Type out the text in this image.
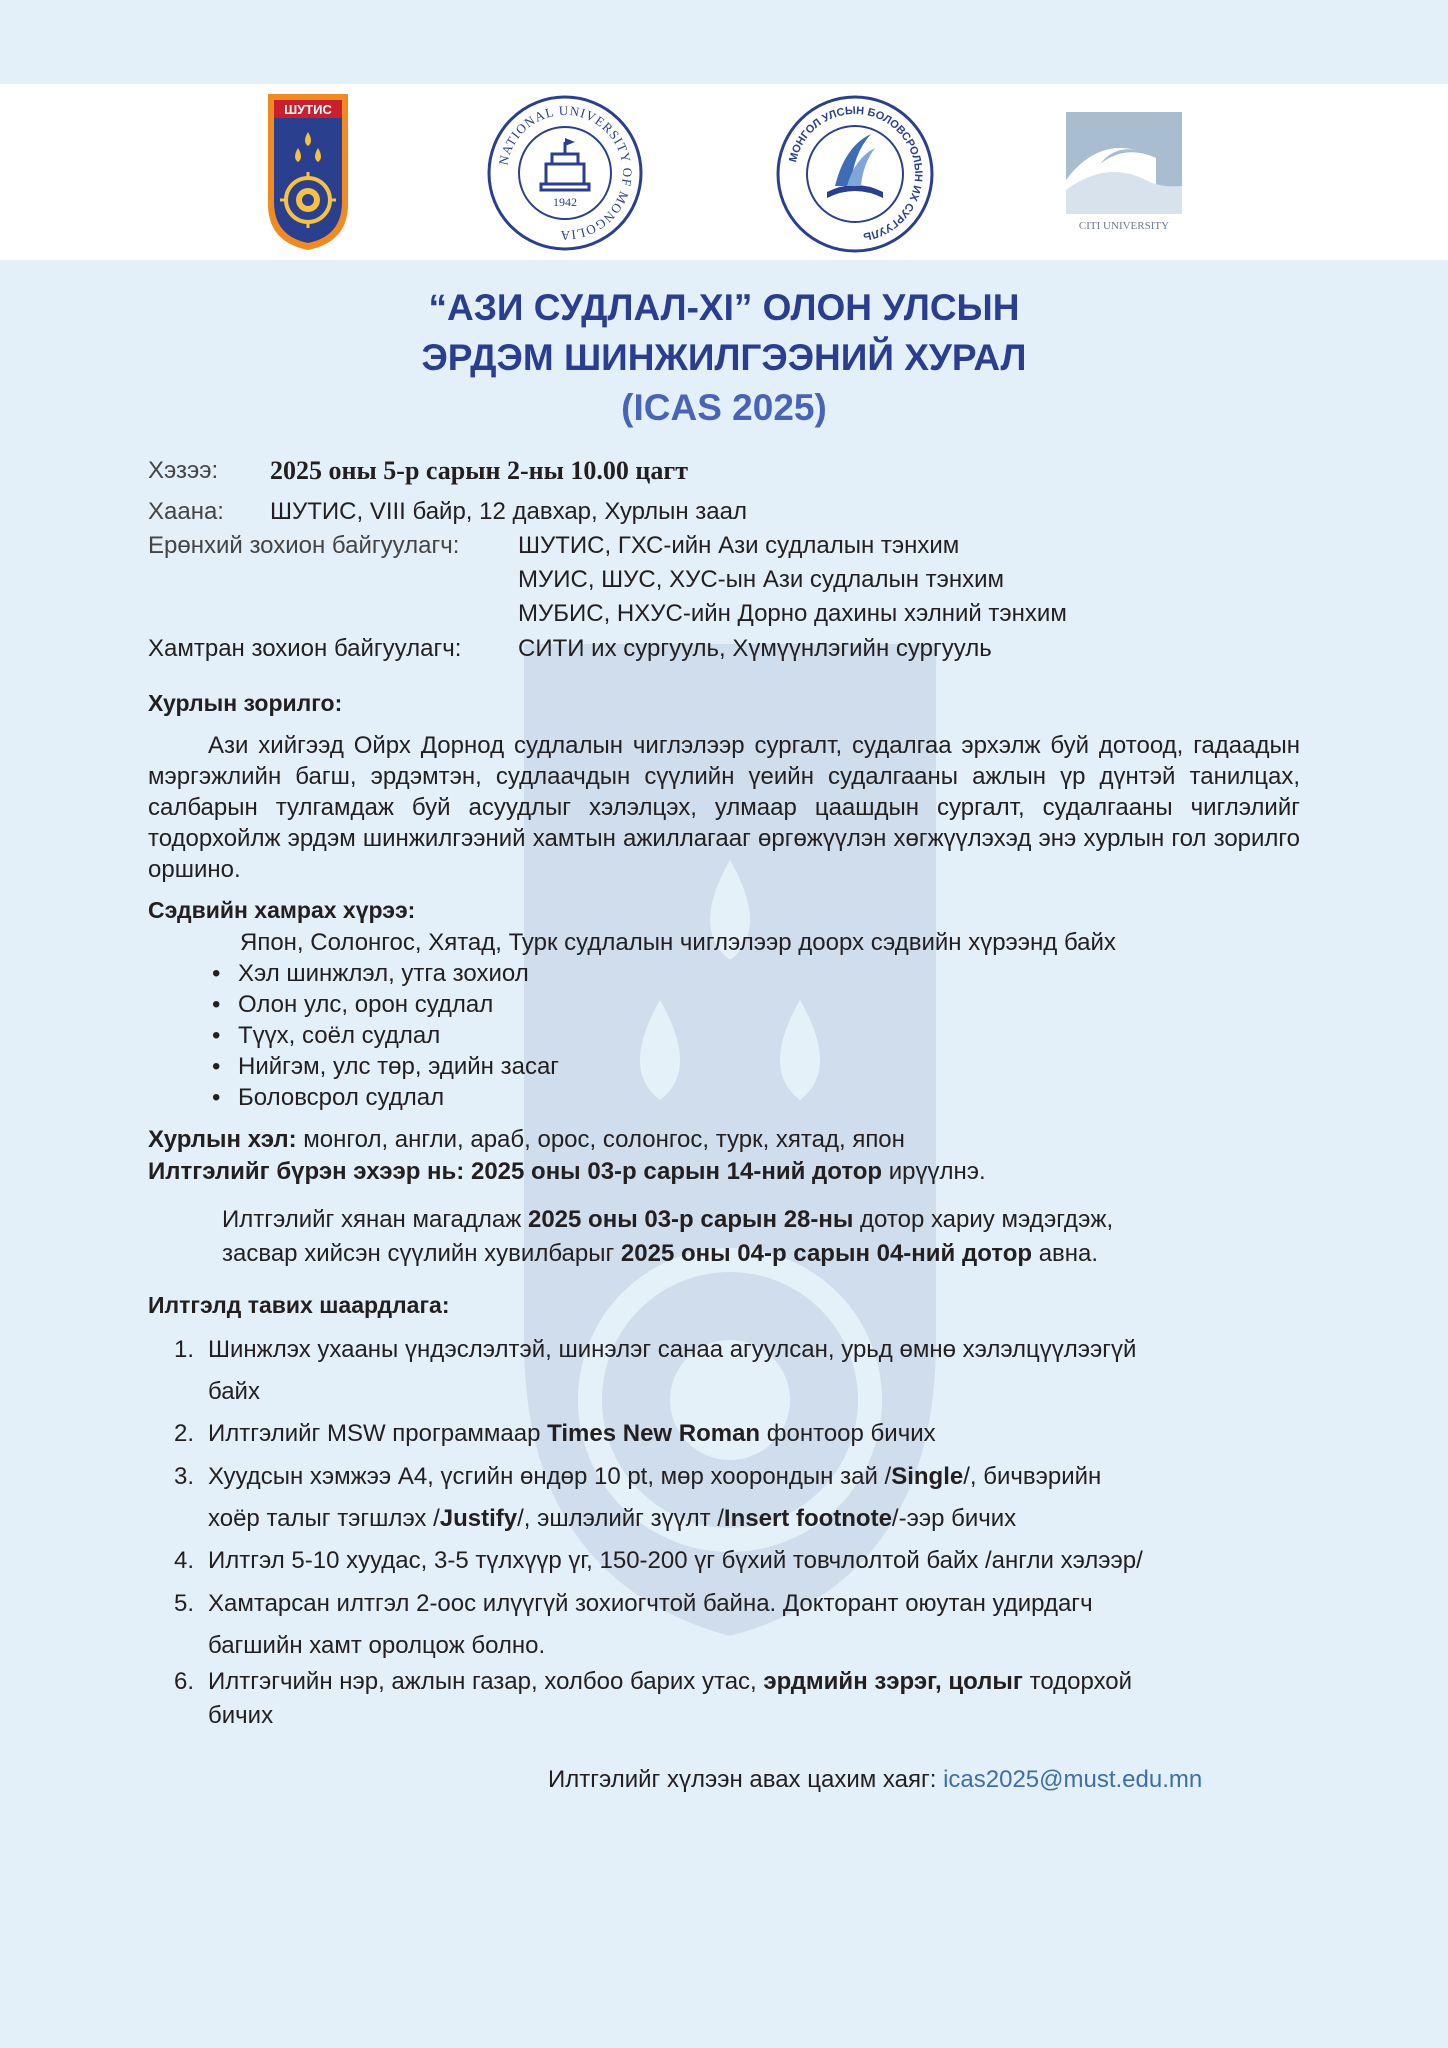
ШУТИС
NATIONAL UNIVERSITY OF MONGOLIA
1942
МОНГОЛ УЛСЫН БОЛОВСРОЛЫН ИХ СУРГУУЛЬ
CITI UNIVERSITY
“АЗИ СУДЛАЛ-XI” ОЛОН УЛСЫН
ЭРДЭМ ШИНЖИЛГЭЭНИЙ ХУРАЛ
(ICAS 2025)
Хэзээ: 2025 оны 5-р сарын 2-ны 10.00 цагт
Хаана: ШУТИС, VIII байр, 12 давхар, Хурлын заал
Ерөнхий зохион байгуулагч: ШУТИС, ГХС-ийн Ази судлалын тэнхим
МУИС, ШУС, ХУС-ын Ази судлалын тэнхим
МУБИС, НХУС-ийн Дорно дахины хэлний тэнхим
Хамтран зохион байгуулагч: СИТИ их сургууль, Хүмүүнлэгийн сургууль
Хурлын зорилго:
Ази хийгээд Ойрх Дорнод судлалын чиглэлээр сургалт, судалгаа эрхэлж буй дотоод, гадаадын мэргэжлийн багш, эрдэмтэн, судлаачдын сүүлийн үеийн судалгааны ажлын үр дүнтэй танилцах, салбарын тулгамдаж буй асуудлыг хэлэлцэх, улмаар цаашдын сургалт, судалгааны чиглэлийг тодорхойлж эрдэм шинжилгээний хамтын ажиллагааг өргөжүүлэн хөгжүүлэхэд энэ хурлын гол зорилго оршино.
Сэдвийн хамрах хүрээ:
Япон, Солонгос, Хятад, Турк судлалын чиглэлээр доорх сэдвийн хүрээнд байх
• Хэл шинжлэл, утга зохиол
• Олон улс, орон судлал
• Түүх, соёл судлал
• Нийгэм, улс төр, эдийн засаг
• Боловсрол судлал
Хурлын хэл: монгол, англи, араб, орос, солонгос, турк, хятад, япон
Илтгэлийг бүрэн эхээр нь: 2025 оны 03-р сарын 14-ний дотор ирүүлнэ.
Илтгэлийг хянан магадлаж 2025 оны 03-р сарын 28-ны дотор хариу мэдэгдэж,
засвар хийсэн сүүлийн хувилбарыг 2025 оны 04-р сарын 04-ний дотор авна.
Илтгэлд тавих шаардлага:
1. Шинжлэх ухааны үндэслэлтэй, шинэлэг санаа агуулсан, урьд өмнө хэлэлцүүлээгүй
байх
2. Илтгэлийг MSW программаар Times New Roman фонтоор бичих
3. Хуудсын хэмжээ А4, үсгийн өндөр 10 pt, мөр хоорондын зай /Single/, бичвэрийн
хоёр талыг тэгшлэх /Justify/, эшлэлийг зүүлт /Insert footnote/-ээр бичих
4. Илтгэл 5-10 хуудас, 3-5 түлхүүр үг, 150-200 үг бүхий товчлолтой байх /англи хэлээр/
5. Хамтарсан илтгэл 2-оос илүүгүй зохиогчтой байна. Докторант оюутан удирдагч
багшийн хамт оролцож болно.
6. Илтгэгчийн нэр, ажлын газар, холбоо барих утас, эрдмийн зэрэг, цолыг тодорхой
бичих
Илтгэлийг хүлээн авах цахим хаяг: icas2025@must.edu.mn
